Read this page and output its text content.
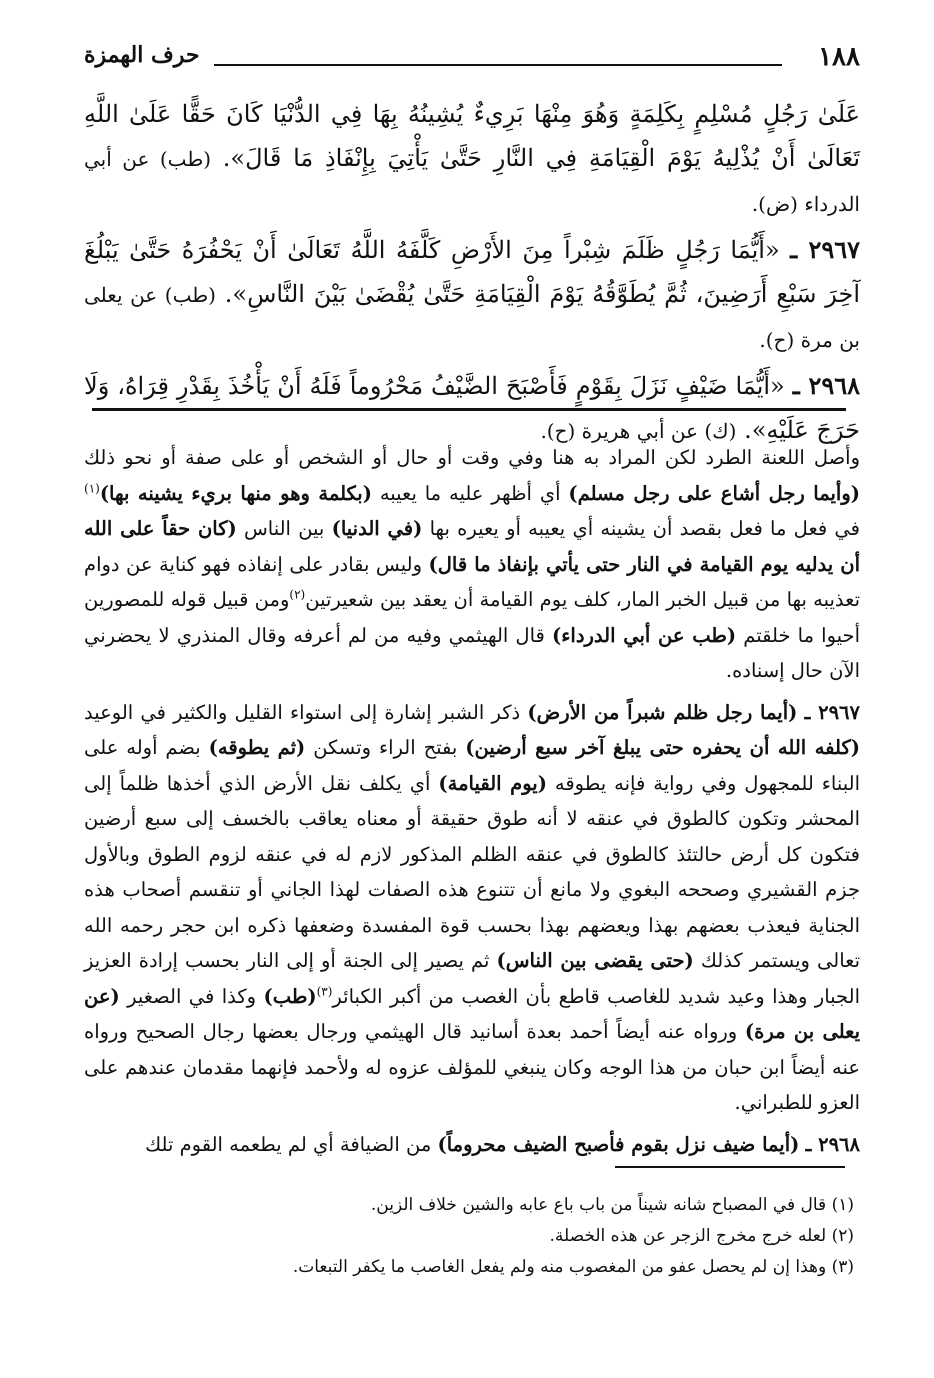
١٨٨
حرف الهمزة

عَلَىٰ رَجُلٍ مُسْلِمٍ بِكَلِمَةٍ وَهُوَ مِنْهَا بَرِيءٌ يُشِينُهُ بِهَا فِي الدُّنْيَا كَانَ حَقًّا عَلَىٰ اللَّهِ تَعَالَىٰ أَنْ يُذْلِيهُ يَوْمَ الْقِيَامَةِ فِي النَّارِ حَتَّىٰ يَأْتِيَ بِإِنْفَاذِ مَا قَالَ». (طب) عن أبي الدرداء (ض).

٢٩٦٧ ـ «أَيُّمَا رَجُلٍ ظَلَمَ شِبْراً مِنَ الأَرْضِ كَلَّفَهُ اللَّهُ تَعَالَىٰ أَنْ يَحْفُرَهُ حَتَّىٰ يَبْلُغَ آخِرَ سَبْعِ أَرَضِينَ، ثُمَّ يُطَوَّقُهُ يَوْمَ الْقِيَامَةِ حَتَّىٰ يُقْضَىٰ بَيْنَ النَّاسِ». (طب) عن يعلى بن مرة (ح).

٢٩٦٨ ـ «أَيُّمَا ضَيْفٍ نَزَلَ بِقَوْمٍ فَأَصْبَحَ الضَّيْفُ مَحْرُوماً فَلَهُ أَنْ يَأْخُذَ بِقَدْرِ قِرَاهُ، وَلَا حَرَجَ عَلَيْهِ». (ك) عن أبي هريرة (ح).

وأصل اللعنة الطرد لكن المراد به هنا وفي وقت أو حال أو الشخص أو على صفة أو نحو ذلك (وأيما رجل أشاع على رجل مسلم) أي أظهر عليه ما يعيبه (بكلمة وهو منها بريء يشينه بها)$^{(١)}$ في فعل ما فعل بقصد أن يشينه أي يعيبه أو يعيره بها (في الدنيا) بين الناس (كان حقاً على الله أن يدليه يوم القيامة في النار حتى يأتي بإنفاذ ما قال) وليس بقادر على إنفاذه فهو كناية عن دوام تعذيبه بها من قبيل الخبر المار، كلف يوم القيامة أن يعقد بين شعيرتين$^{(٢)}$ومن قبيل قوله للمصورين أحيوا ما خلقتم (طب عن أبي الدرداء) قال الهيثمي وفيه من لم أعرفه وقال المنذري لا يحضرني الآن حال إسناده.

٢٩٦٧ ـ (أيما رجل ظلم شبراً من الأرض) ذكر الشبر إشارة إلى استواء القليل والكثير في الوعيد (كلفه الله أن يحفره حتى يبلغ آخر سبع أرضين) بفتح الراء وتسكن (ثم يطوقه) بضم أوله على البناء للمجهول وفي رواية فإنه يطوقه (يوم القيامة) أي يكلف نقل الأرض الذي أخذها ظلماً إلى المحشر وتكون كالطوق في عنقه لا أنه طوق حقيقة أو معناه يعاقب بالخسف إلى سبع أرضين فتكون كل أرض حالتئذ كالطوق في عنقه الظلم المذكور لازم له في عنقه لزوم الطوق وبالأول جزم القشيري وصححه البغوي ولا مانع أن تتنوع هذه الصفات لهذا الجاني أو تنقسم أصحاب هذه الجناية فيعذب بعضهم بهذا ويعضهم بهذا بحسب قوة المفسدة وضعفها ذكره ابن حجر رحمه الله تعالى ويستمر كذلك (حتى يقضى بين الناس) ثم يصير إلى الجنة أو إلى النار بحسب إرادة العزيز الجبار وهذا وعيد شديد للغاصب قاطع بأن الغصب من أكبر الكبائر$^{(٣)}$(طب) وكذا في الصغير (عن يعلى بن مرة) ورواه عنه أيضاً أحمد بعدة أسانيد قال الهيثمي ورجال بعضها رجال الصحيح ورواه عنه أيضاً ابن حبان من هذا الوجه وكان ينبغي للمؤلف عزوه له ولأحمد فإنهما مقدمان عندهم على العزو للطبراني.

٢٩٦٨ ـ (أيما ضيف نزل بقوم فأصبح الضيف محروماً) من الضيافة أي لم يطعمه القوم تلك

(١) قال في المصباح شانه شيناً من باب باع عابه والشين خلاف الزين.
(٢) لعله خرج مخرج الزجر عن هذه الخصلة.
(٣) وهذا إن لم يحصل عفو من المغصوب منه ولم يفعل الغاصب ما يكفر التبعات.
